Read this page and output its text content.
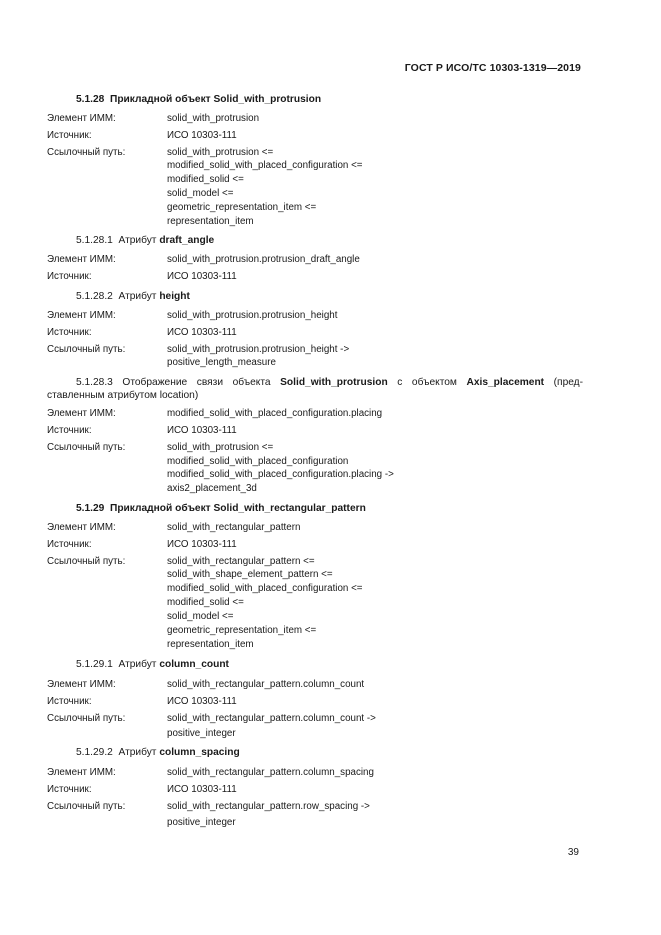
ГОСТ Р ИСО/ТС 10303-1319—2019
5.1.28 Прикладной объект Solid_with_protrusion
Элемент ИММ:	solid_with_protrusion
Источник:	ИСО 10303-111
Ссылочный путь:	solid_with_protrusion <=
modified_solid_with_placed_configuration <=
modified_solid <=
solid_model <=
geometric_representation_item <=
representation_item
5.1.28.1 Атрибут draft_angle
Элемент ИММ:	solid_with_protrusion.protrusion_draft_angle
Источник:	ИСО 10303-111
5.1.28.2 Атрибут height
Элемент ИММ:	solid_with_protrusion.protrusion_height
Источник:	ИСО 10303-111
Ссылочный путь:	solid_with_protrusion.protrusion_height ->
positive_length_measure
5.1.28.3 Отображение связи объекта Solid_with_protrusion с объектом Axis_placement (пред-ставленным атрибутом location)
Элемент ИММ:	modified_solid_with_placed_configuration.placing
Источник:	ИСО 10303-111
Ссылочный путь:	solid_with_protrusion <=
modified_solid_with_placed_configuration
modified_solid_with_placed_configuration.placing ->
axis2_placement_3d
5.1.29 Прикладной объект Solid_with_rectangular_pattern
Элемент ИММ:	solid_with_rectangular_pattern
Источник:	ИСО 10303-111
Ссылочный путь:	solid_with_rectangular_pattern <=
solid_with_shape_element_pattern <=
modified_solid_with_placed_configuration <=
modified_solid <=
solid_model <=
geometric_representation_item <=
representation_item
5.1.29.1 Атрибут column_count
Элемент ИММ:	solid_with_rectangular_pattern.column_count
Источник:	ИСО 10303-111
Ссылочный путь:	solid_with_rectangular_pattern.column_count ->
positive_integer
5.1.29.2 Атрибут column_spacing
Элемент ИММ:	solid_with_rectangular_pattern.column_spacing
Источник:	ИСО 10303-111
Ссылочный путь:	solid_with_rectangular_pattern.row_spacing ->
positive_integer
39
